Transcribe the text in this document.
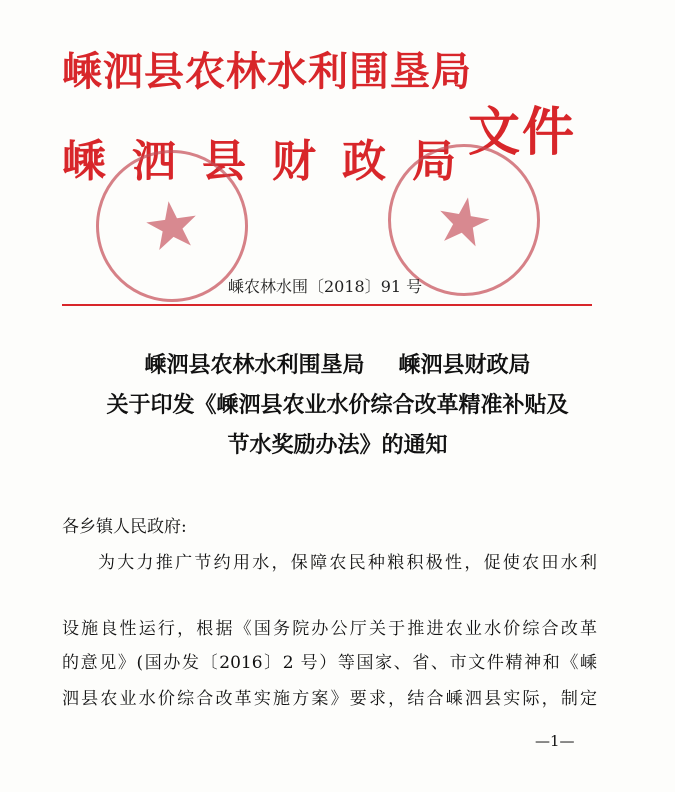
嵊泗县农林水利围垦局
嵊泗县财政局
文件
嵊农林水围〔2018〕91 号
嵊泗县农林水利围垦局 嵊泗县财政局
关于印发《嵊泗县农业水价综合改革精准补贴及
节水奖励办法》的通知
各乡镇人民政府:
为大力推广节约用水，保障农民种粮积极性，促使农田水利
设施良性运行，根据《国务院办公厅关于推进农业水价综合改革
的意见》(国办发〔2016〕2 号）等国家、省、市文件精神和《嵊
泗县农业水价综合改革实施方案》要求，结合嵊泗县实际，制定
—1—
